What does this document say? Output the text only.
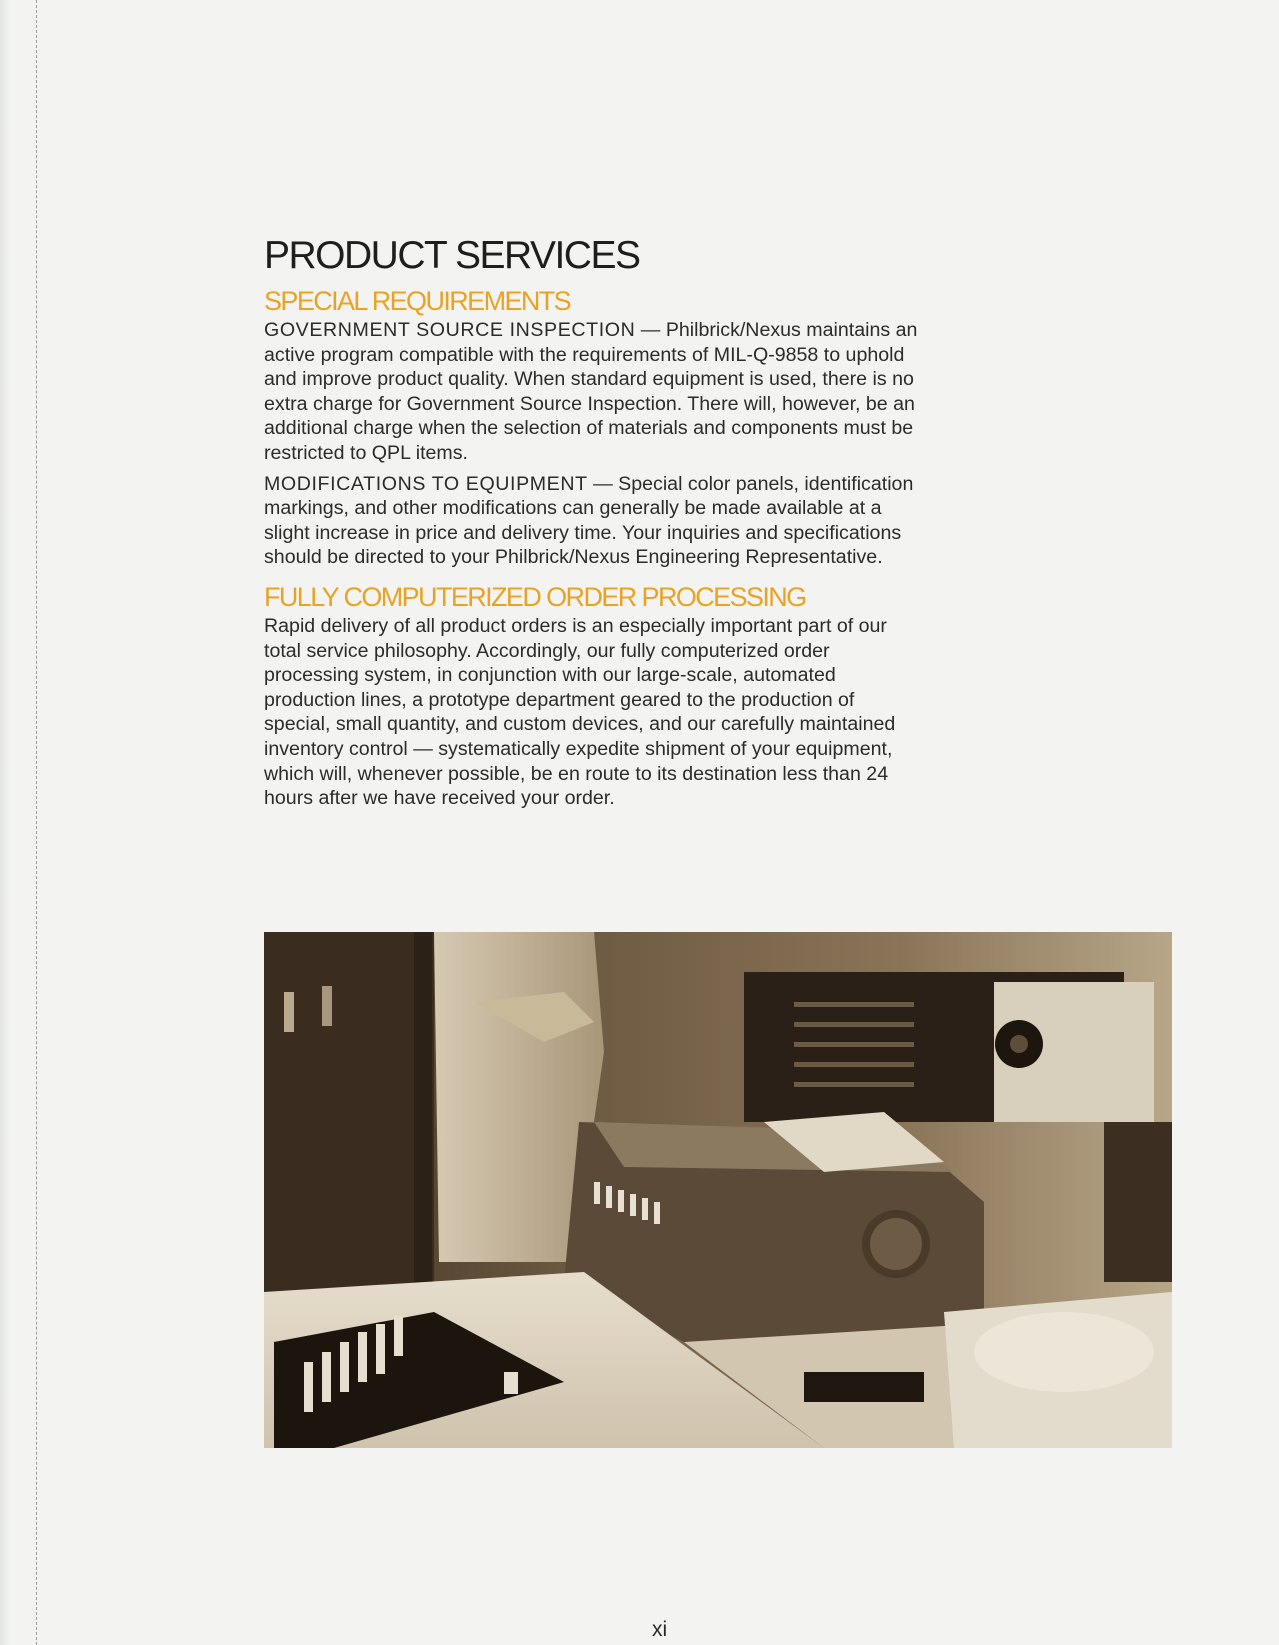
PRODUCT SERVICES
SPECIAL REQUIREMENTS

GOVERNMENT SOURCE INSPECTION — Philbrick/Nexus maintains an active program compatible with the requirements of MIL-Q-9858 to uphold and improve product quality. When standard equipment is used, there is no extra charge for Government Source Inspection. There will, however, be an additional charge when the selection of materials and components must be restricted to QPL items.

MODIFICATIONS TO EQUIPMENT — Special color panels, identification markings, and other modifications can generally be made available at a slight increase in price and delivery time. Your inquiries and specifications should be directed to your Philbrick/Nexus Engineering Representative.

FULLY COMPUTERIZED ORDER PROCESSING

Rapid delivery of all product orders is an especially important part of our total service philosophy. Accordingly, our fully computerized order processing system, in conjunction with our large-scale, automated production lines, a prototype department geared to the production of special, small quantity, and custom devices, and our carefully maintained inventory control — systematically expedite shipment of your equipment, which will, whenever possible, be en route to its destination less than 24 hours after we have received your order.

xi
